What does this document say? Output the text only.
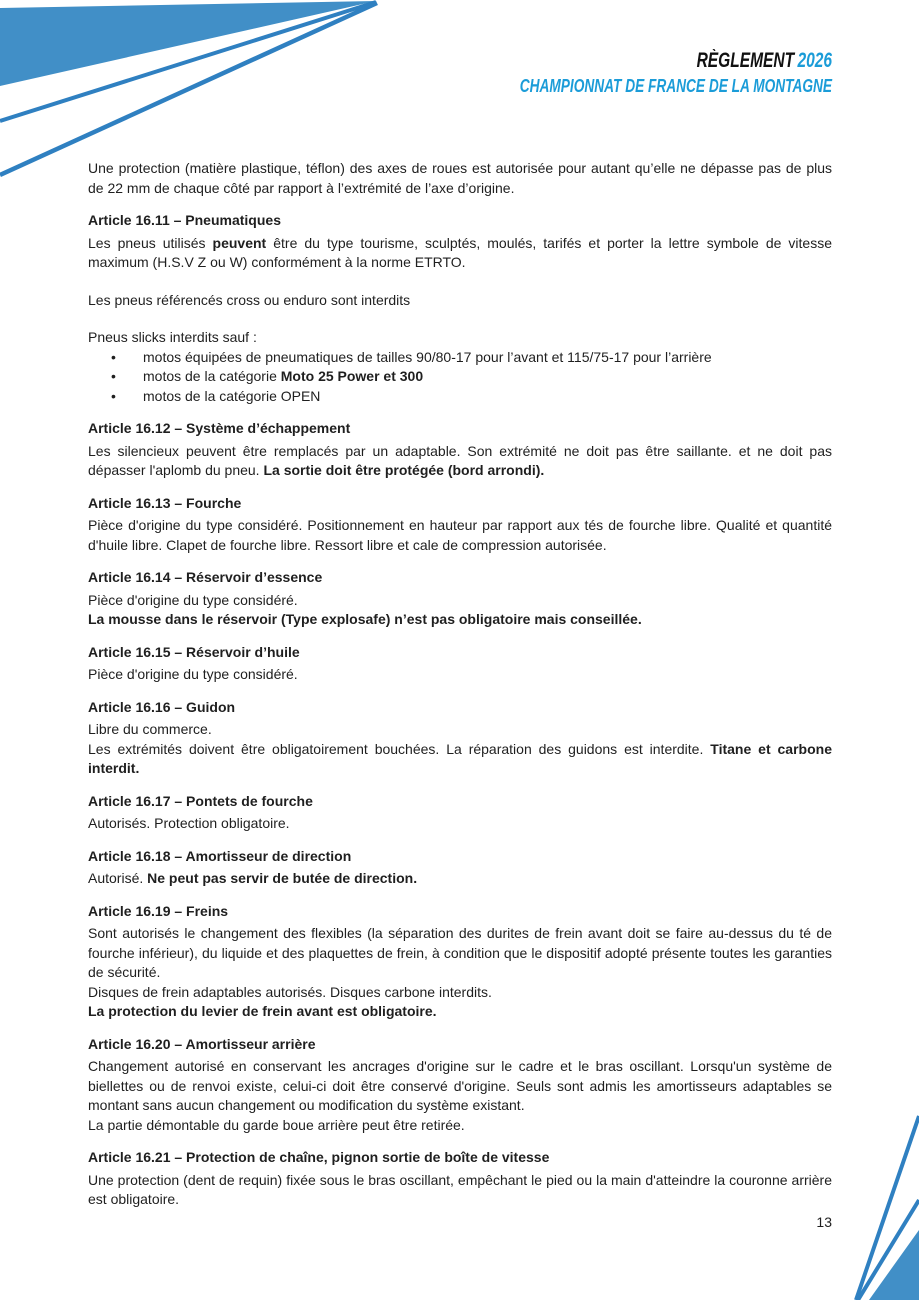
RÈGLEMENT 2026
CHAMPIONNAT DE FRANCE DE LA MONTAGNE
Une protection (matière plastique, téflon) des axes de roues est autorisée pour autant qu’elle ne dépasse pas de plus de 22 mm de chaque côté par rapport à l’extrémité de l’axe d’origine.
Article 16.11 – Pneumatiques
Les pneus utilisés peuvent être du type tourisme, sculptés, moulés, tarifés et porter la lettre symbole de vitesse maximum (H.S.V Z ou W) conformément à la norme ETRTO.
Les pneus référencés cross ou enduro sont interdits
Pneus slicks interdits sauf :
• motos équipées de pneumatiques de tailles 90/80-17 pour l’avant et 115/75-17 pour l’arrière
• motos de la catégorie Moto 25 Power et 300
• motos de la catégorie OPEN
Article 16.12 – Système d’échappement
Les silencieux peuvent être remplacés par un adaptable. Son extrémité ne doit pas être saillante. et ne doit pas dépasser l'aplomb du pneu. La sortie doit être protégée (bord arrondi).
Article 16.13 – Fourche
Pièce d'origine du type considéré. Positionnement en hauteur par rapport aux tés de fourche libre. Qualité et quantité d'huile libre. Clapet de fourche libre. Ressort libre et cale de compression autorisée.
Article 16.14 – Réservoir d’essence
Pièce d'origine du type considéré.
La mousse dans le réservoir (Type explosafe) n’est pas obligatoire mais conseillée.
Article 16.15 – Réservoir d’huile
Pièce d'origine du type considéré.
Article 16.16 – Guidon
Libre du commerce.
Les extrémités doivent être obligatoirement bouchées. La réparation des guidons est interdite. Titane et carbone interdit.
Article 16.17 – Pontets de fourche
Autorisés. Protection obligatoire.
Article 16.18 – Amortisseur de direction
Autorisé. Ne peut pas servir de butée de direction.
Article 16.19 – Freins
Sont autorisés le changement des flexibles (la séparation des durites de frein avant doit se faire au-dessus du té de fourche inférieur), du liquide et des plaquettes de frein, à condition que le dispositif adopté présente toutes les garanties de sécurité.
Disques de frein adaptables autorisés. Disques carbone interdits.
La protection du levier de frein avant est obligatoire.
Article 16.20 – Amortisseur arrière
Changement autorisé en conservant les ancrages d'origine sur le cadre et le bras oscillant. Lorsqu'un système de biellettes ou de renvoi existe, celui-ci doit être conservé d'origine. Seuls sont admis les amortisseurs adaptables se montant sans aucun changement ou modification du système existant.
La partie démontable du garde boue arrière peut être retirée.
Article 16.21 – Protection de chaîne, pignon sortie de boîte de vitesse
Une protection (dent de requin) fixée sous le bras oscillant, empêchant le pied ou la main d'atteindre la couronne arrière est obligatoire.
13
